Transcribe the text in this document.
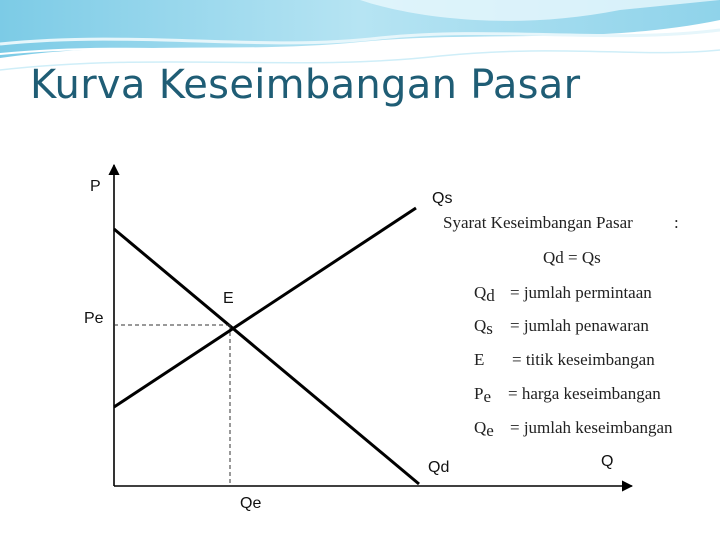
P
Qs
E
Pe
Qd	Q
Qe
Syarat Keseimbangan Pasar :
Qd = Qs
Qd = jumlah permintaan
Qs = jumlah penawaran
E = titik keseimbangan
Pe = harga keseimbangan
Qe = jumlah keseimbangan
Kurva Keseimbangan Pasar
